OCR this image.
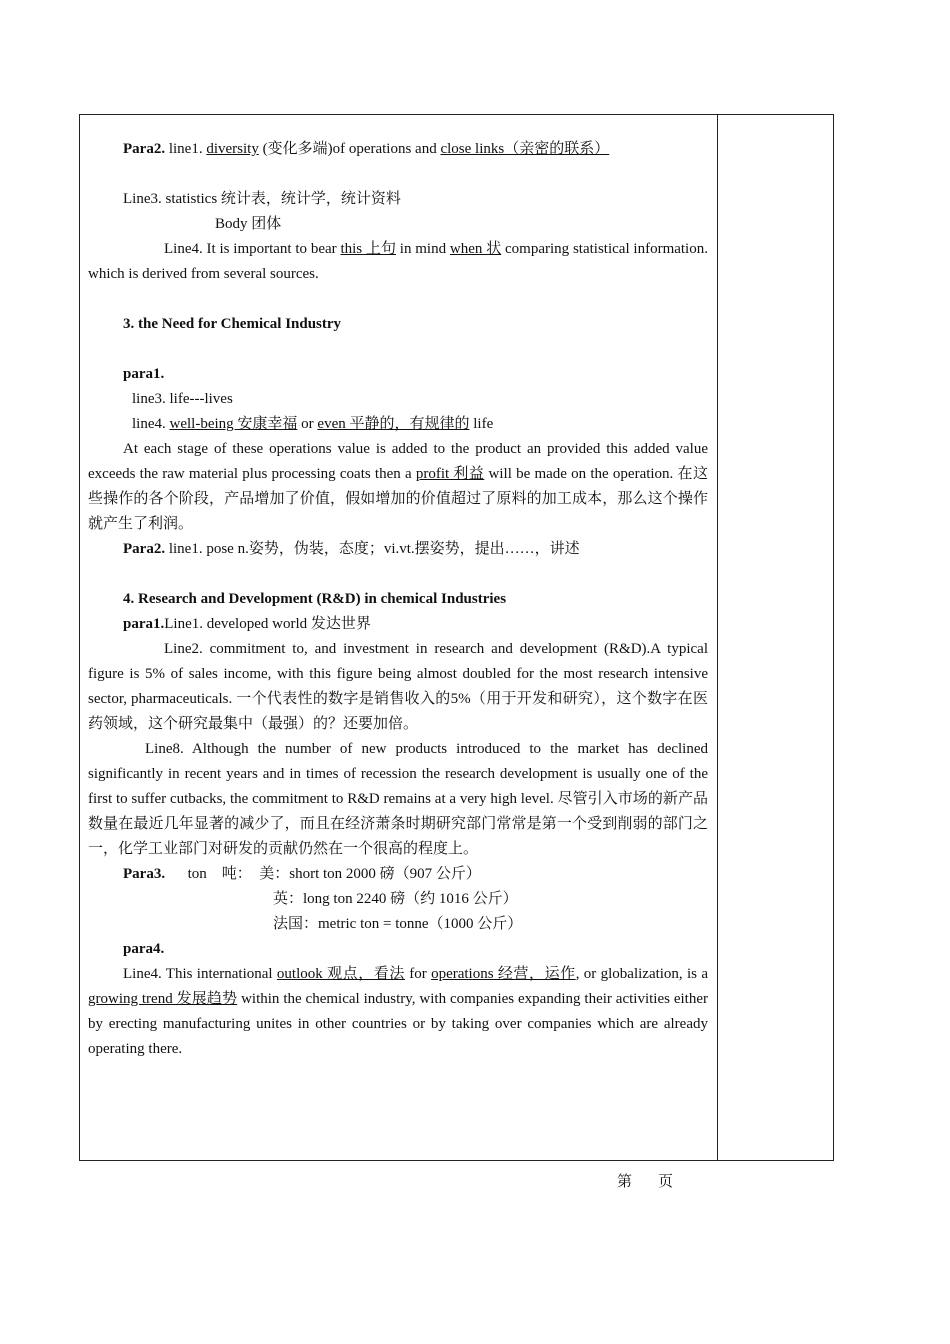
Para2. line1. diversity (变化多端)of operations and close links（亲密的联系）

Line3. statistics 统计表，统计学，统计资料

Body 团体

Line4. It is important to bear this 上句 in mind when 状 comparing statistical information. which is derived from several sources.

3. the Need for Chemical Industry

para1.

line3. life---lives

line4. well-being 安康幸福 or even 平静的，有规律的 life

At each stage of these operations value is added to the product an provided this added value exceeds the raw material plus processing coats then a profit 利益 will be made on the operation. 在这些操作的各个阶段，产品增加了价值，假如增加的价值超过了原料的加工成本，那么这个操作就产生了利润。

Para2. line1. pose n.姿势，伪装，态度；vi.vt.摆姿势，提出……，讲述

4. Research and Development (R&D) in chemical Industries

para1.Line1. developed world 发达世界

Line2. commitment to, and investment in research and development (R&D).A typical figure is 5% of sales income, with this figure being almost doubled for the most research intensive sector, pharmaceuticals. 一个代表性的数字是销售收入的5%（用于开发和研究），这个数字在医药领域，这个研究最集中（最强）的？还要加倍。

Line8. Although the number of new products introduced to the market has declined significantly in recent years and in times of recession the research development is usually one of the first to suffer cutbacks, the commitment to R&D remains at a very high level. 尽管引入市场的新产品数量在最近几年显著的减少了，而且在经济萧条时期研究部门常常是第一个受到削弱的部门之一，化学工业部门对研发的贡献仍然在一个很高的程度上。

Para3.      ton    吨：  美：short ton 2000 磅（907 公斤）

英：long ton 2240 磅（约 1016 公斤）

法国：metric ton = tonne（1000 公斤）

para4.

Line4. This international outlook 观点，看法 for operations 经营，运作, or globalization, is a growing trend 发展趋势 within the chemical industry, with companies expanding their activities either by erecting manufacturing unites in other countries or by taking over companies which are already operating there.

第 页
